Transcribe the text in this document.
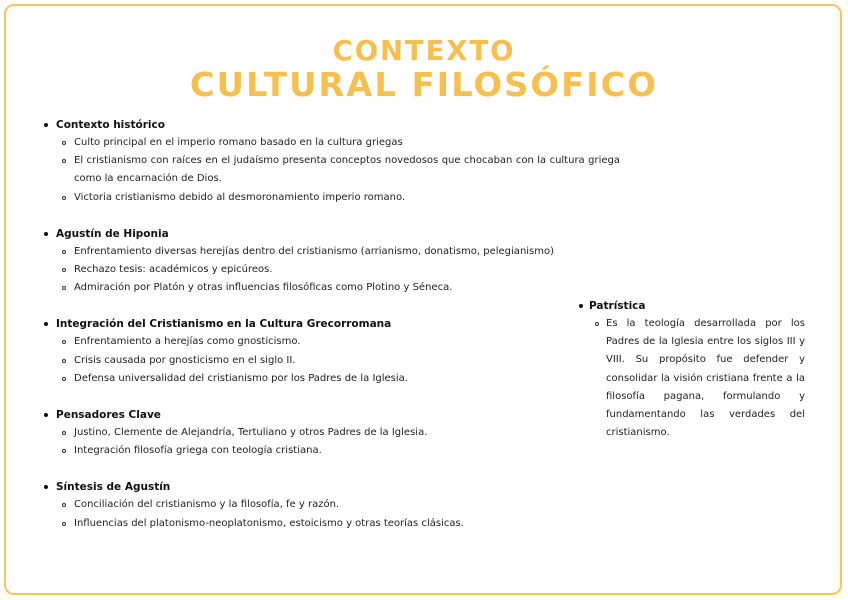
CONTEXTO
CULTURAL FILOSÓFICO
Contexto histórico
Culto principal en el imperio romano basado en la cultura griegas
El cristianismo con raíces en el judaísmo presenta conceptos novedosos que chocaban con la cultura griega como la encarnación de Dios.
Victoria cristianismo debido al desmoronamiento imperio romano.
Agustín de Hiponia
Enfrentamiento diversas herejías dentro del cristianismo (arrianismo, donatismo, pelegianismo)
Rechazo tesis: académicos y epicúreos.
Admiración por Platón y otras influencias filosóficas como Plotino y Séneca.
Integración del Cristianismo en la Cultura Grecorromana
Enfrentamiento a herejías como gnosticismo.
Crisis causada por gnosticismo en el siglo II.
Defensa universalidad del cristianismo por los Padres de la Iglesia.
Pensadores Clave
Justino, Clemente de Alejandría, Tertuliano y otros Padres de la Iglesia.
Integración filosofía griega con teología cristiana.
Síntesis de Agustín
Conciliación del cristianismo y la filosofía, fe y razón.
Influencias del platonismo-neoplatonismo, estoicismo y otras teorías clásicas.
Patrística
Es la teología desarrollada por los Padres de la Iglesia entre los siglos III y VIII. Su propósito fue defender y consolidar la visión cristiana frente a la filosofía pagana, formulando y fundamentando las verdades del cristianismo.
